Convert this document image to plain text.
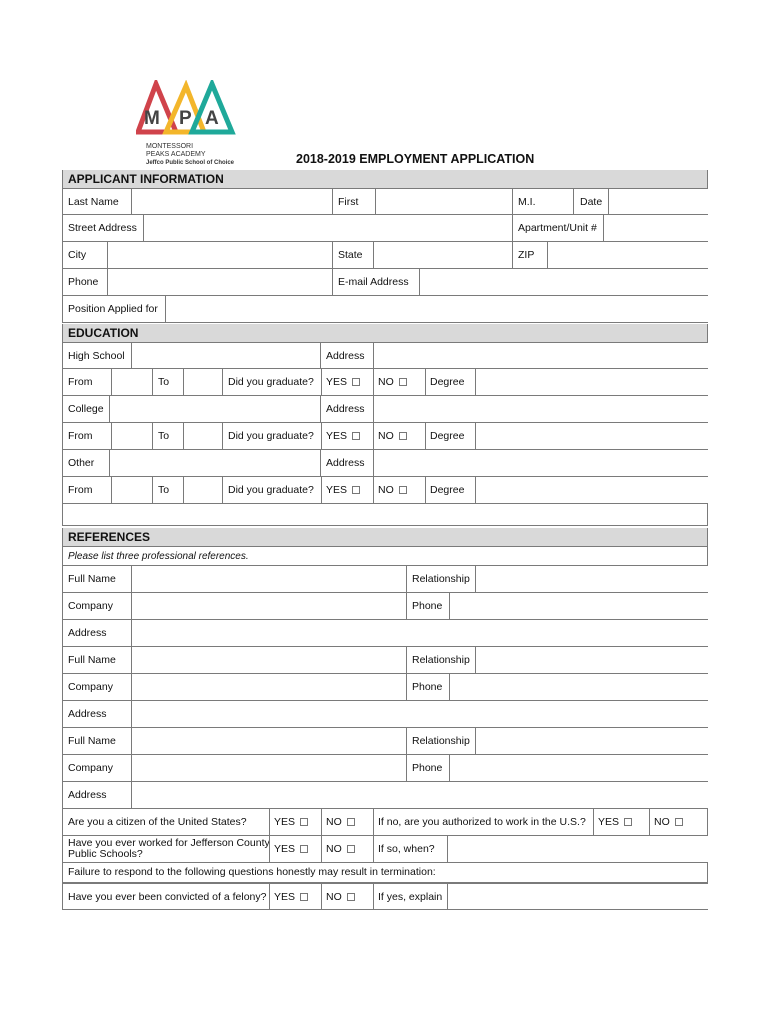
M P A
MONTESSORI
PEAKS ACADEMY
Jeffco Public School of Choice	2018-2019 EMPLOYMENT APPLICATION
APPLICANT INFORMATION
Last Name	First	M.I.	Date
Street Address	Apartment/Unit #
City	State	ZIP
Phone	E-mail Address
Position Applied for
EDUCATION
High School	Address
From	To	Did you graduate?	YES	NO	Degree
College	Address
From	To	Did you graduate?	YES	NO	Degree
Other	Address
From	To	Did you graduate?	YES	NO	Degree
REFERENCES
Please list three professional references.
Full Name	Relationship
Company	Phone
Address
Full Name	Relationship
Company	Phone
Address
Full Name	Relationship
Company	Phone
Address
Are you a citizen of the United States?	YES	NO	If no, are you authorized to work in the U.S.?	YES	NO
Have you ever worked for Jefferson County
Public Schools?	YES	NO	If so, when?
Failure to respond to the following questions honestly may result in termination:
Have you ever been convicted of a felony? YES	NO	If yes, explain
